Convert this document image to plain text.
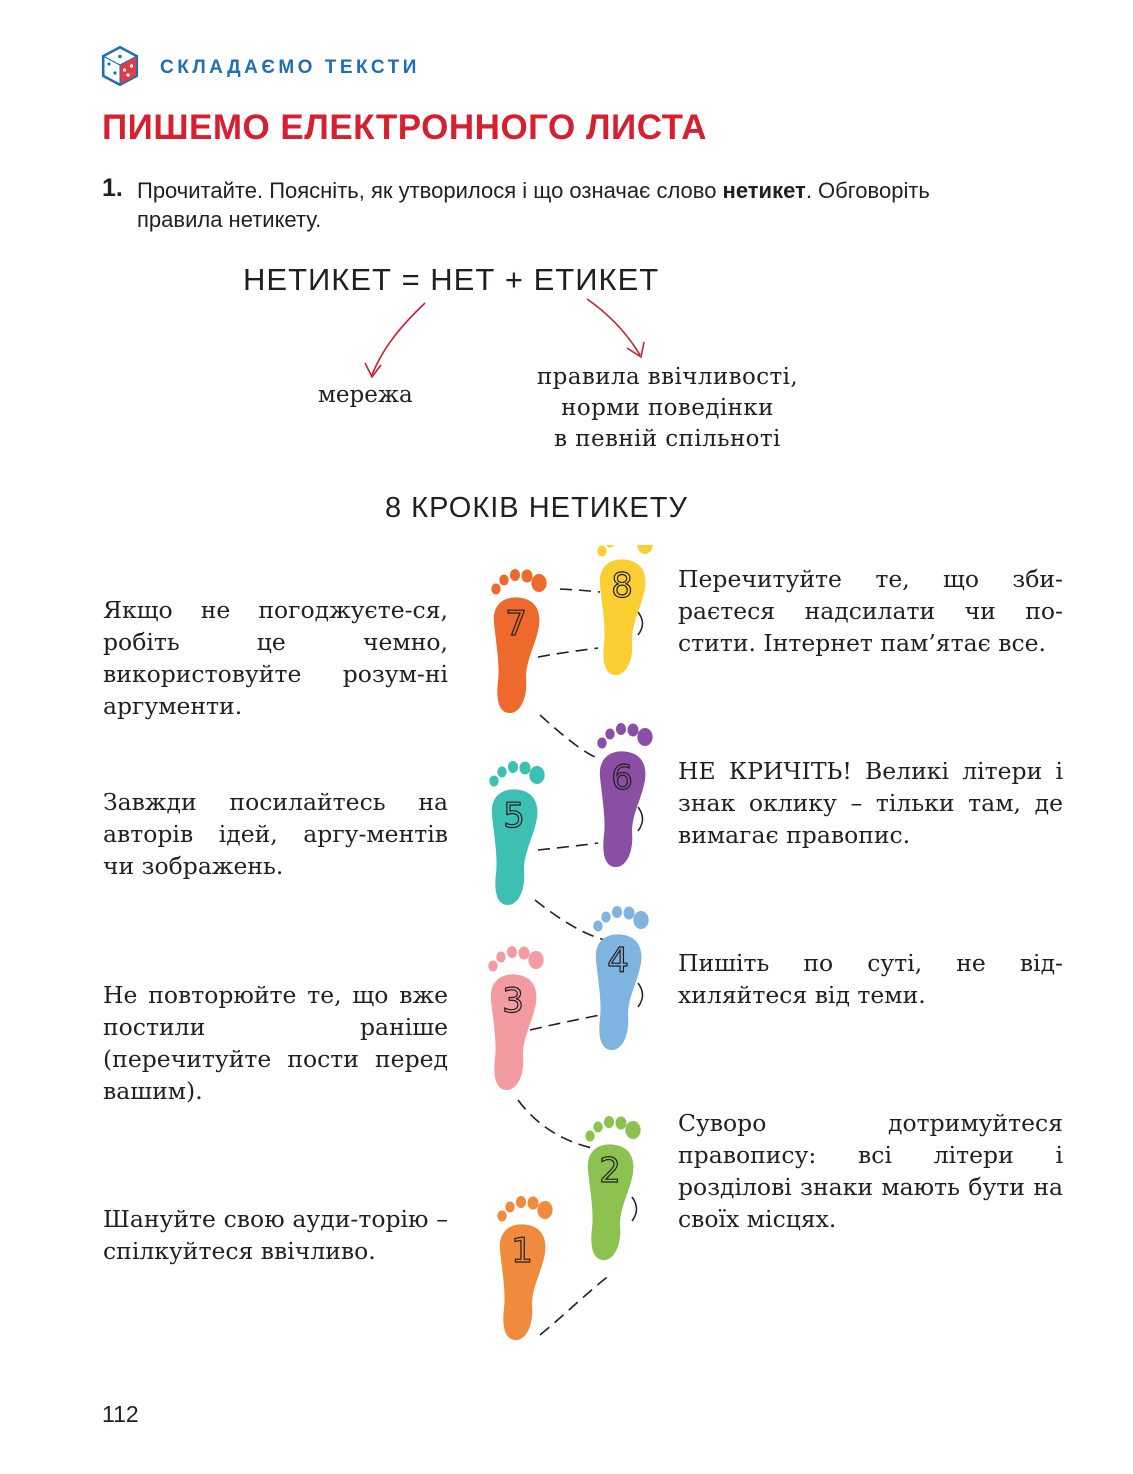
СКЛАДАЄМО ТЕКСТИ
ПИШЕМО ЕЛЕКТРОННОГО ЛИСТА
1. Прочитайте. Поясніть, як утворилося і що означає слово нетикет. Обговоріть правила нетикету.
НЕТИКЕТ = НЕТ + ЕТИКЕТ
мережа
правила ввічливості,
норми поведінки
в певній спільноті
8 КРОКІВ НЕТИКЕТУ
1
2
3
4
5
6
7
8
Якщо не погоджуєте-ся, робіть це чемно, використовуйте розум-ні аргументи.
Завжди посилайтесь на авторів ідей, аргу-ментів чи зображень.
Не повторюйте те, що вже постили раніше (перечитуйте пости перед вашим).
Шануйте свою ауди-торію – спілкуйтеся ввічливо.
Перечитуйте те, що зби-раєтеся надсилати чи по-стити. Інтернет пам’ятає все.
НЕ КРИЧІТЬ! Великі літери і знак оклику – тільки там, де вимагає правопис.
Пишіть по суті, не від-хиляйтеся від теми.
Суворо дотримуйтеся правопису: всі літери і розділові знаки мають бути на своїх місцях.
112
